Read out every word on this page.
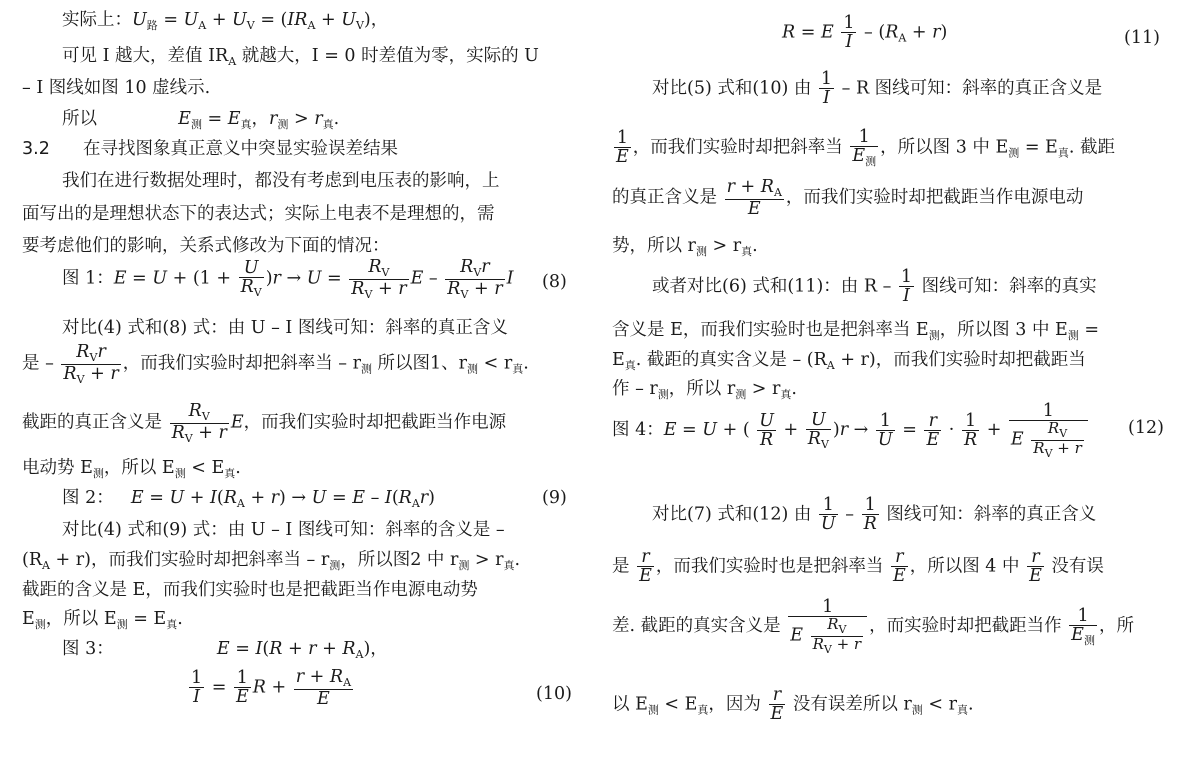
实际上：$U_路 = U_A + U_V = (IR_A + U_V)$，
可见 I 越大，差值 $IR_A$ 就越大，I = 0 时差值为零，实际的 U
– I 图线如图 10 虚线示.
所以	$E_测 = E_真$，$r_测 > r_真$.
3.2 在寻找图象真正意义中突显实验误差结果
我们在进行数据处理时，都没有考虑到电压表的影响，上
面写出的是理想状态下的表达式；实际上电表不是理想的，需
要考虑他们的影响，关系式修改为下面的情况：
图 1：$E = U + (1 + \frac{U}{R_V} )r \to U = \frac{R_V}{R_V + r}$ E – $\frac{R_Vr}{R_V + r}$ I (8)
对比(4) 式和(8) 式：由 U – I 图线可知：斜率的真正含义
是 – $\frac{R_Vr}{R_V + r}$ ，而我们实验时却把斜率当 – $r_测$ 所以图1、$r_测 < r_真$.
截距的真正含义是 $\frac{R_V}{R_V + r}$ E，而我们实验时却把截距当作电源
电动势 $E_测$，所以 $E_测 < E_真$.
图 2： $E = U + I(R_A + r) \to U = E - I(R_Ar)$	(9)
对比(4) 式和(9) 式：由 U – I 图线可知：斜率的含义是 –
$(R_A + r)$，而我们实验时却把斜率当 – $r_测$，所以图2 中 $r_测 > r_真$.
截距的含义是 E，而我们实验时也是把截距当作电源电动势
$E_测$，所以 $E_测 = E_真$.
图 3：	$E = I(R + r + R_A)$，
$\frac{1}{I} = \frac{1}{E}$ $R + \frac{r + R_A}{E}$	(10)
R = E $\frac{1}{I} - (R_A + r)$	(11)
对比(5) 式和(10) 由 $\frac{1}{I}$ – R 图线可知：斜率的真正含义是
$\frac{1}{E}$ ，而我们实验时却把斜率当 $\frac{1}{E_测}$ ，所以图 3 中 $E_测 = E_真$. 截距
的真正含义是 $\frac{r + R_A}{E}$ ，而我们实验时却把截距当作电源电动
势，所以 $r_测 > r_真$.
或者对比(6) 式和(11)：由 R – $\frac{1}{I}$ 图线可知：斜率的真实
含义是 E，而我们实验时也是把斜率当 $E_测$，所以图 3 中 $E_测$ =
$E_真$. 截距的真实含义是 – $(R_A + r)$，而我们实验时却把截距当
作 – $r_测$，所以 $r_测 > r_真$.
图 4：E = U + ( $\frac{U}{R} + \frac{U}{R_V} )r \to \frac{1}{U} = \frac{r}{E} \cdot \frac{1}{R} + \frac{1}{E \frac{R_V}{R_V + r}} (12)$
对比(7) 式和(12) 由 $\frac{1}{U} - \frac{1}{R}$ 图线可知：斜率的真正含义
是 $\frac{r}{E}$ ，而我们实验时也是把斜率当 $\frac{r}{E}$ ，所以图 4 中 $\frac{r}{E}$ 没有误
差. 截距的真实含义是 $\frac{1}{E \frac{R_V}{R_V + r}}$ ，而实验时却把截距当作 $\frac{1}{E_测}$ ，所
以 $E_测 < E_真$，因为 $\frac{r}{E}$ 没有误差所以 $r_测 < r_真$.
